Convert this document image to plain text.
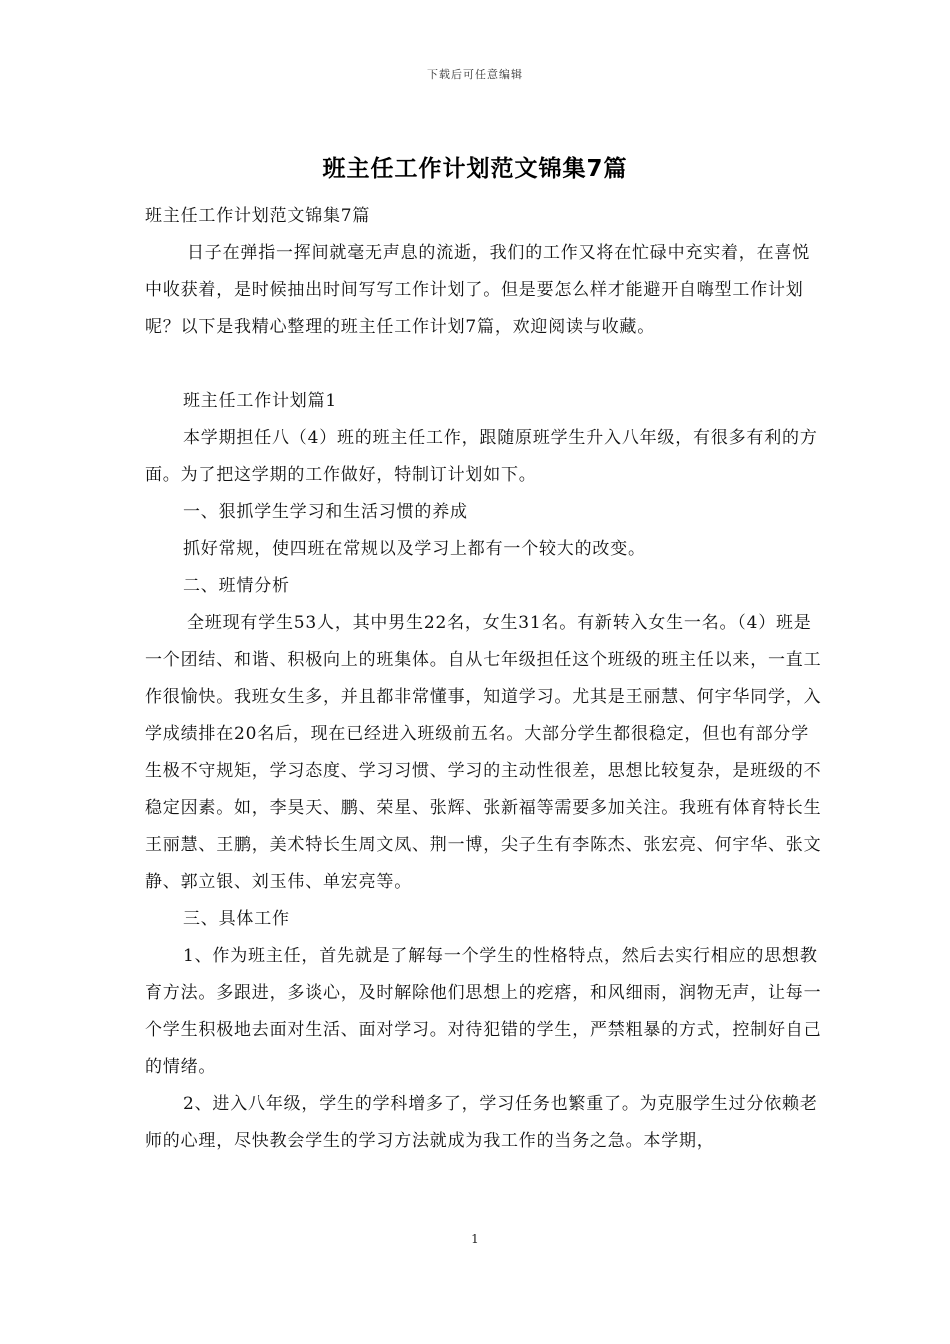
下载后可任意编辑
班主任工作计划范文锦集7篇

班主任工作计划范文锦集7篇

日子在弹指一挥间就毫无声息的流逝，我们的工作又将在忙碌中充实着，在喜悦中收获着，是时候抽出时间写写工作计划了。但是要怎么样才能避开自嗨型工作计划呢？以下是我精心整理的班主任工作计划7篇，欢迎阅读与收藏。

班主任工作计划篇1

本学期担任八（4）班的班主任工作，跟随原班学生升入八年级，有很多有利的方面。为了把这学期的工作做好，特制订计划如下。

一、狠抓学生学习和生活习惯的养成

抓好常规，使四班在常规以及学习上都有一个较大的改变。

二、班情分析

全班现有学生53人，其中男生22名，女生31名。有新转入女生一名。（4）班是一个团结、和谐、积极向上的班集体。自从七年级担任这个班级的班主任以来，一直工作很愉快。我班女生多，并且都非常懂事，知道学习。尤其是王丽慧、何宇华同学，入学成绩排在20名后，现在已经进入班级前五名。大部分学生都很稳定，但也有部分学生极不守规矩，学习态度、学习习惯、学习的主动性很差，思想比较复杂，是班级的不稳定因素。如，李昊天、鹏、荣星、张辉、张新福等需要多加关注。我班有体育特长生王丽慧、王鹏，美术特长生周文凤、荆一博，尖子生有李陈杰、张宏亮、何宇华、张文静、郭立银、刘玉伟、单宏亮等。

三、具体工作

1、作为班主任，首先就是了解每一个学生的性格特点，然后去实行相应的思想教育方法。多跟进，多谈心，及时解除他们思想上的疙瘩，和风细雨，润物无声，让每一个学生积极地去面对生活、面对学习。对待犯错的学生，严禁粗暴的方式，控制好自己的情绪。

2、进入八年级，学生的学科增多了，学习任务也繁重了。为克服学生过分依赖老师的心理，尽快教会学生的学习方法就成为我工作的当务之急。本学期，

1
